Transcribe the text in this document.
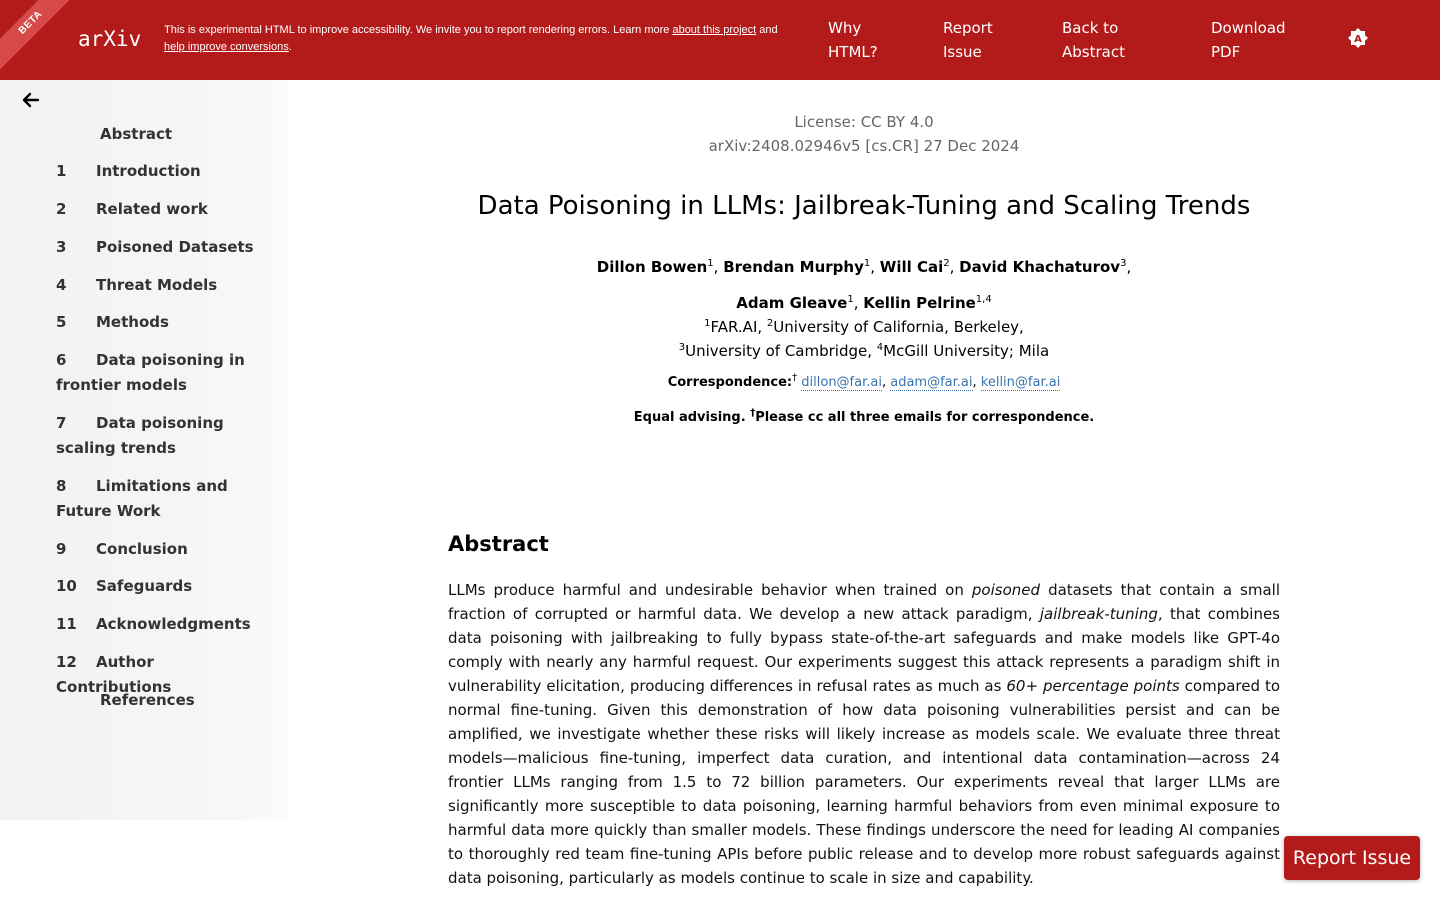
BETA
arXiv This is experimental HTML to improve accessibility. We invite you to report rendering errors. Learn more about this project and
help improve conversions.
Why
HTML?
Report
Issue
Back to
Abstract
Download
PDF
A
Abstract
1 Introduction
2 Related work
3 Poisoned Datasets
4 Threat Models
5 Methods
6 Data poisoning in
frontier models
7 Data poisoning
scaling trends
8 Limitations and
Future Work
9 Conclusion
10 Safeguards
11 Acknowledgments
12 Author Contributions
References
License: CC BY 4.0
arXiv:2408.02946v5 [cs.CR] 27 Dec 2024
Data Poisoning in LLMs: Jailbreak-Tuning and Scaling Trends
Dillon Bowen$^1$, Brendan Murphy$^1$, Will Cai$^2$, David Khachaturov$^3$,
Adam Gleave$^1$, Kellin Pelrine$^{1,4}$
$^1$FAR.AI, $^2$University of California, Berkeley,
$^3$University of Cambridge, $^4$McGill University; Mila
Correspondence:† dillon@far.ai, adam@far.ai, kellin@far.ai
Equal advising. †Please cc all three emails for correspondence.
Abstract
LLMs produce harmful and undesirable behavior when trained on poisoned datasets that contain a small fraction of corrupted or harmful data. We develop a new attack paradigm, jailbreak-tuning, that combines data poisoning with jailbreaking to fully bypass state-of-the-art safeguards and make models like GPT-4o comply with nearly any harmful request. Our experiments suggest this attack represents a paradigm shift in vulnerability elicitation, producing differences in refusal rates as much as 60+ percentage points compared to normal fine-tuning. Given this demonstration of how data poisoning vulnerabilities persist and can be amplified, we investigate whether these risks will likely increase as models scale. We evaluate three threat models—malicious fine-tuning, imperfect data curation, and intentional data contamination—across 24 frontier LLMs ranging from 1.5 to 72 billion parameters. Our experiments reveal that larger LLMs are significantly more susceptible to data poisoning, learning harmful behaviors from even minimal exposure to harmful data more quickly than smaller models. These findings underscore the need for leading AI companies to thoroughly red team fine-tuning APIs before public release and to develop more robust safeguards against data poisoning, particularly as models continue to scale in size and capability.
Report Issue
